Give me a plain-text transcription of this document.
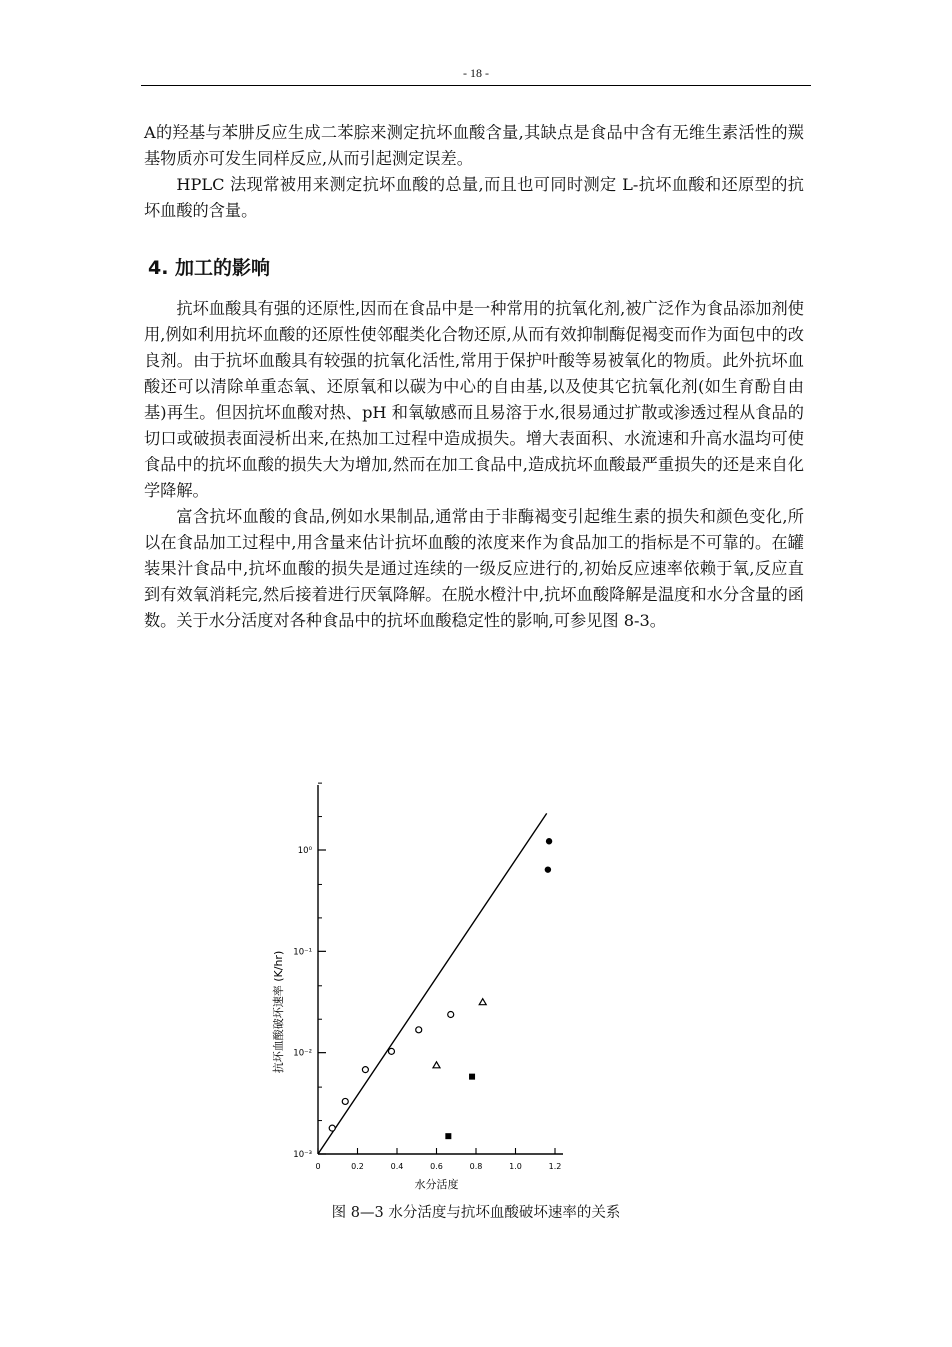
- 18 -

A的羟基与苯肼反应生成二苯腙来测定抗坏血酸含量,其缺点是食品中含有无维生素活性的羰基物质亦可发生同样反应,从而引起测定误差。

HPLC 法现常被用来测定抗坏血酸的总量,而且也可同时测定 L-抗坏血酸和还原型的抗坏血酸的含量。

4. 加工的影响

抗坏血酸具有强的还原性,因而在食品中是一种常用的抗氧化剂,被广泛作为食品添加剂使用,例如利用抗坏血酸的还原性使邻醌类化合物还原,从而有效抑制酶促褐变而作为面包中的改良剂。由于抗坏血酸具有较强的抗氧化活性,常用于保护叶酸等易被氧化的物质。此外抗坏血酸还可以清除单重态氧、还原氧和以碳为中心的自由基,以及使其它抗氧化剂(如生育酚自由基)再生。但因抗坏血酸对热、pH 和氧敏感而且易溶于水,很易通过扩散或渗透过程从食品的切口或破损表面浸析出来,在热加工过程中造成损失。增大表面积、水流速和升高水温均可使食品中的抗坏血酸的损失大为增加,然而在加工食品中,造成抗坏血酸最严重损失的还是来自化学降解。

富含抗坏血酸的食品,例如水果制品,通常由于非酶褐变引起维生素的损失和颜色变化,所以在食品加工过程中,用含量来估计抗坏血酸的浓度来作为食品加工的指标是不可靠的。在罐装果汁食品中,抗坏血酸的损失是通过连续的一级反应进行的,初始反应速率依赖于氧,反应直到有效氧消耗完,然后接着进行厌氧降解。在脱水橙汁中,抗坏血酸降解是温度和水分含量的函数。关于水分活度对各种食品中的抗坏血酸稳定性的影响,可参见图 8-3。

10⁰
10⁻¹
10⁻²
10⁻³
0	0.2	0.4	0.6	0.8	1.0	1.2
水分活度
抗坏血酸破坏速率 (K/hr)
图 8—3 水分活度与抗坏血酸破坏速率的关系
